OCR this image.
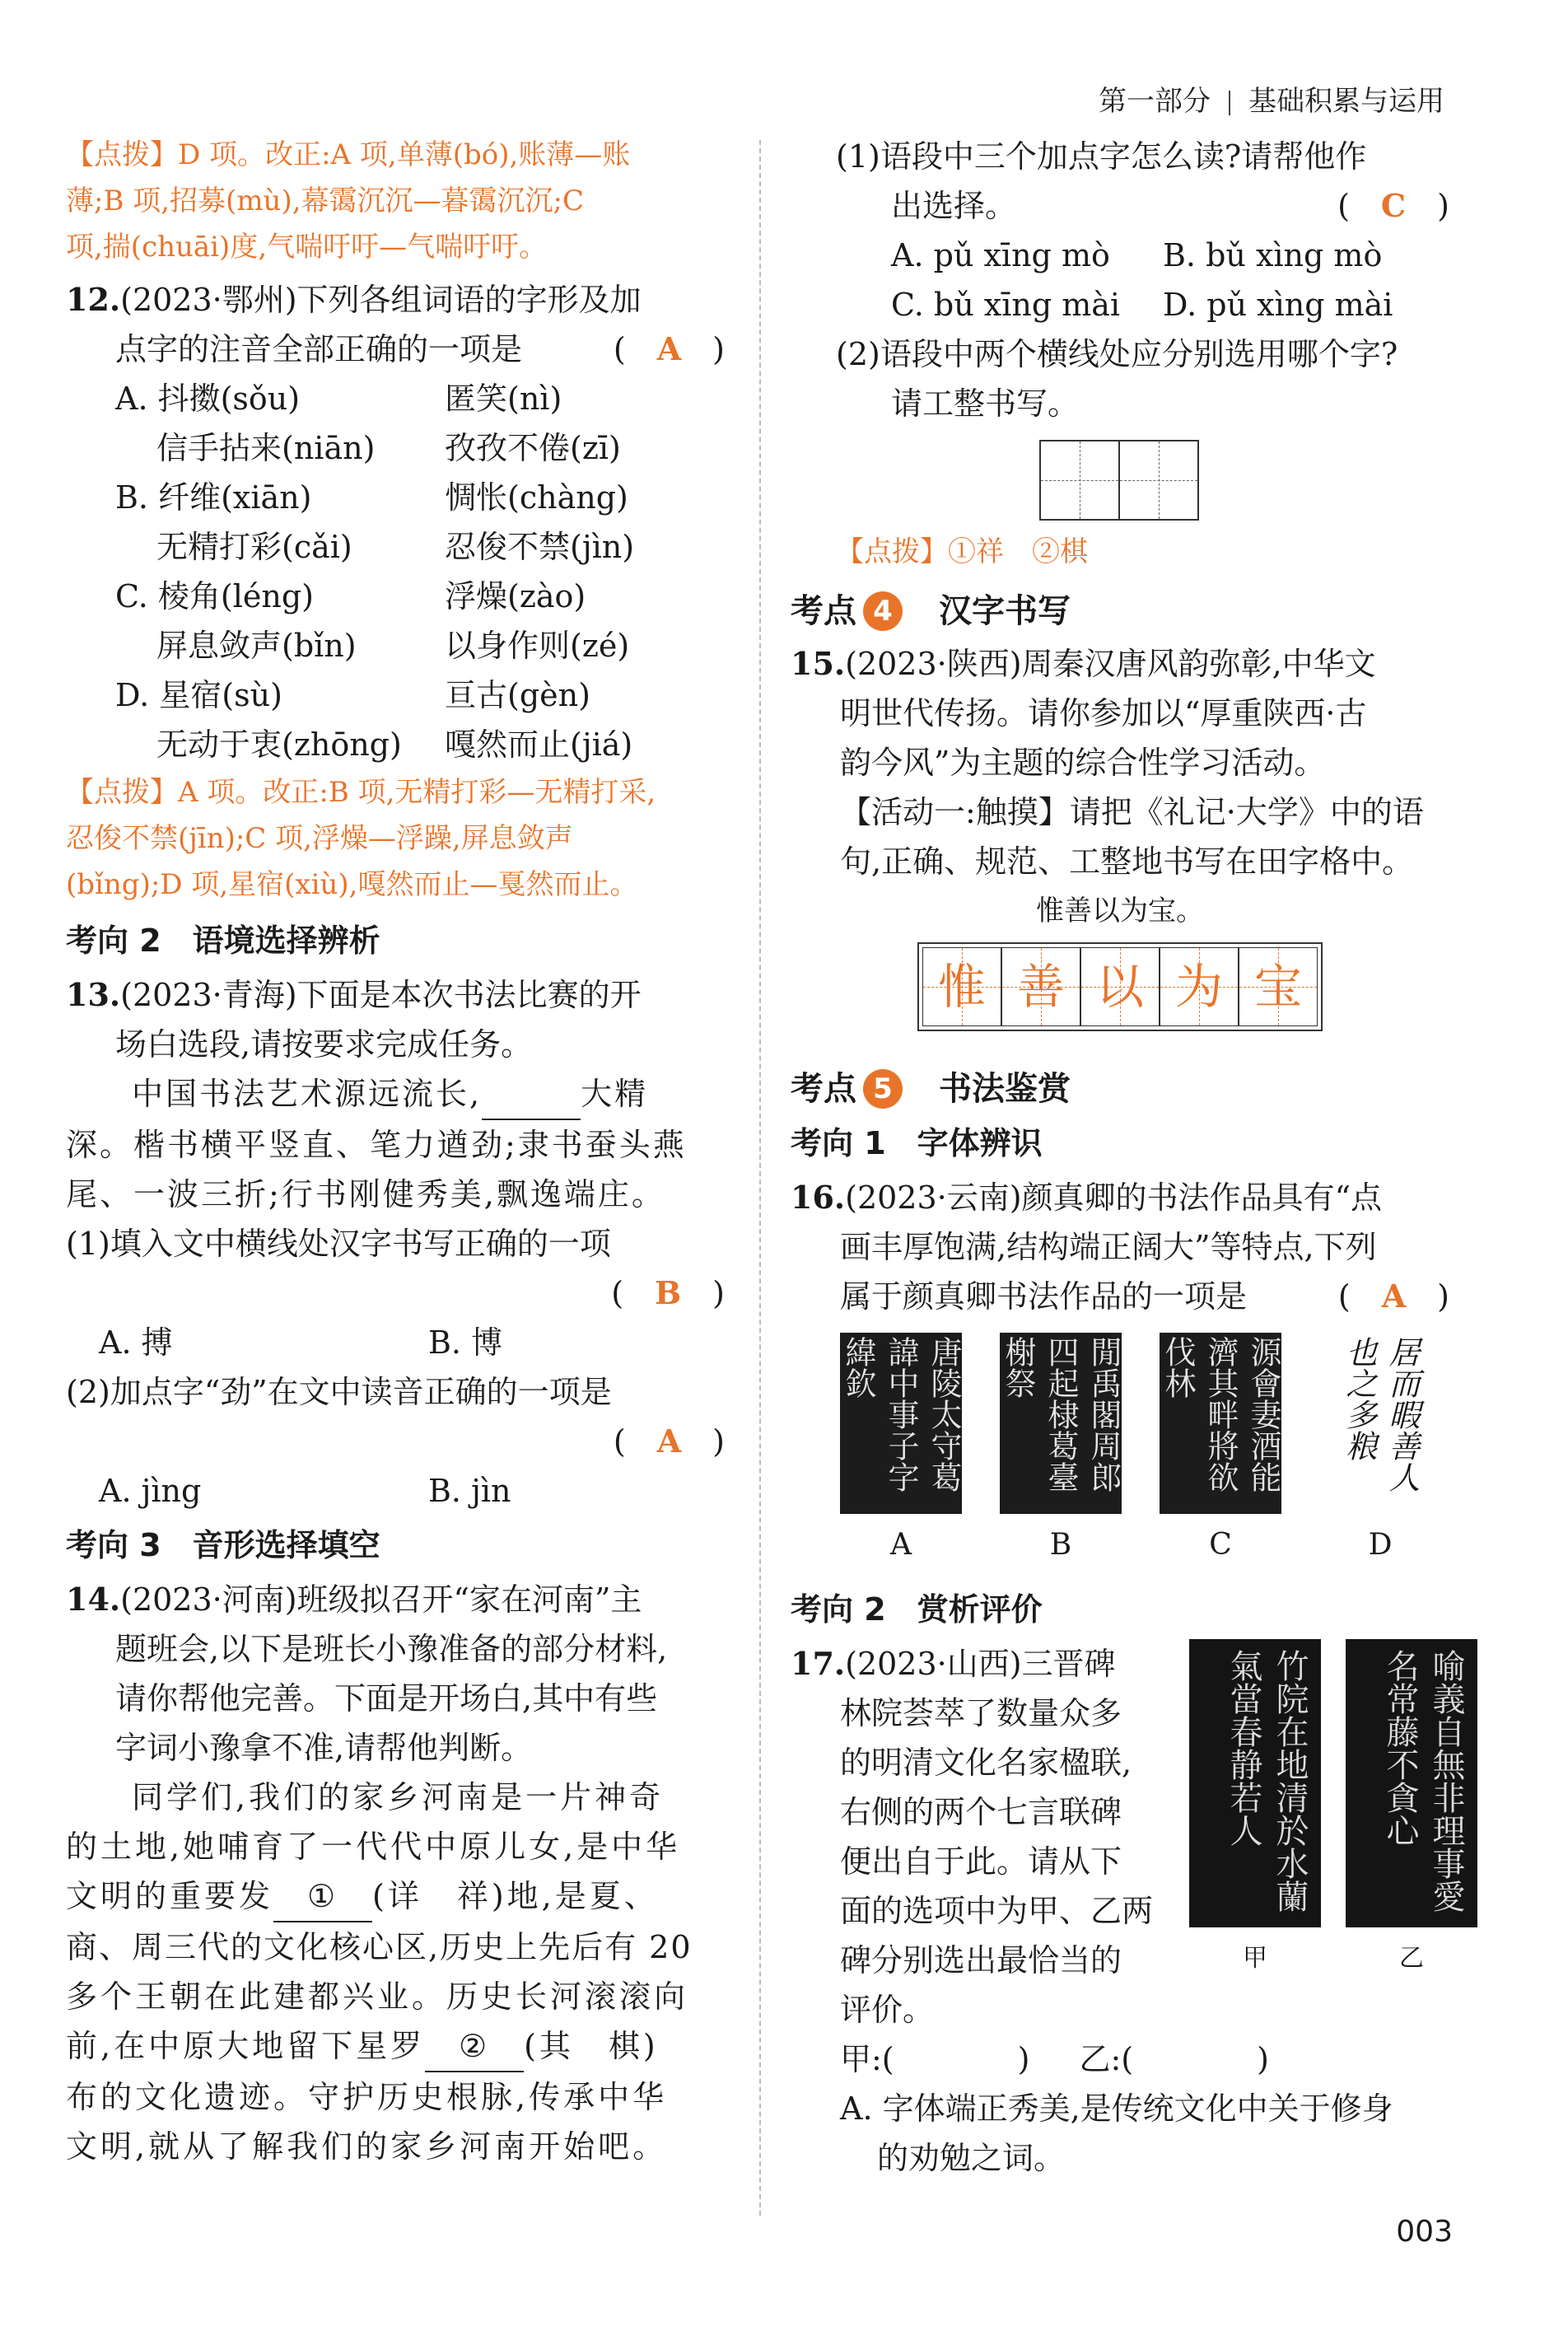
第一部分 基础积累与运用
【点拨】D 项。改正:A 项,单薄(bó),账薄—账
薄;B 项,招募(mù),幕霭沉沉—暮霭沉沉;C
项,揣(chuāi)度,气喘吁吁—气喘吁吁。
12.(2023·鄂州)下列各组词语的字形及加
点字的注音全部正确的一项是	(　A　)
A. 抖擞(sǒu)	匿笑(nì)
信手拈来(niān)	孜孜不倦(zī)
B. 纤维(xiān)	惆怅(chàng)
无精打彩(cǎi)	忍俊不禁(jìn)
C. 棱角(léng)	浮燥(zào)
屏息敛声(bǐn)	以身作则(zé)
D. 星宿(sù)	亘古(gèn)
无动于衷(zhōng)	嘎然而止(jiá)
【点拨】A 项。改正:B 项,无精打彩—无精打采,
忍俊不禁(jīn);C 项,浮燥—浮躁,屏息敛声
(bǐng);D 项,星宿(xiù),嘎然而止—戛然而止。
考向 2　语境选择辨析
13.(2023·青海)下面是本次书法比赛的开
场白选段,请按要求完成任务。
中国书法艺术源远流长,	大精
深。楷书横平竖直、笔力遒劲;隶书蚕头燕
尾、一波三折;行书刚健秀美,飘逸端庄。
(1)填入文中横线处汉字书写正确的一项
(　B　)
A. 搏	B. 博
(2)加点字“劲”在文中读音正确的一项是
(　A　)
A. jìng	B. jìn
考向 3　音形选择填空
14.(2023·河南)班级拟召开“家在河南”主
题班会,以下是班长小豫准备的部分材料,
请你帮他完善。下面是开场白,其中有些
字词小豫拿不准,请帮他判断。
同学们,我们的家乡河南是一片神奇
的土地,她哺育了一代代中原儿女,是中华
文明的重要发 ① (详　祥)地,是夏、
商、周三代的文化核心区,历史上先后有 20
多个王朝在此建都兴业。历史长河滚滚向
前,在中原大地留下星罗 ② (其　棋)
布的文化遗迹。守护历史根脉,传承中华
文明,就从了解我们的家乡河南开始吧。
(1)语段中三个加点字怎么读?请帮他作
出选择。	(　C　)
A. pǔ xīng mò	B. bǔ xìng mò
C. bǔ xīng mài	D. pǔ xìng mài
(2)语段中两个横线处应分别选用哪个字?
请工整书写。
【点拨】①祥　②棋
考点 4	汉字书写
15.(2023·陕西)周秦汉唐风韵弥彰,中华文
明世代传扬。请你参加以“厚重陕西·古
韵今风”为主题的综合性学习活动。
【活动一:触摸】请把《礼记·大学》中的语
句,正确、规范、工整地书写在田字格中。
惟善以为宝。
惟 善 以 为 宝
考点 5	书法鉴赏
考向 1　字体辨识
16.(2023·云南)颜真卿的书法作品具有“点
画丰厚饱满,结构端正阔大”等特点,下列
属于颜真卿书法作品的一项是	(　A　)
唐陵太守葛諱中事子字緯欽
A
閒禹閣周郎四起棣葛臺榭祭
B
源會妻酒能濟其畔將欲伐林
C
居而暇善人也之多粮
D
考向 2　赏析评价
17.(2023·山西)三晋碑
林院荟萃了数量众多
的明清文化名家楹联,
右侧的两个七言联碑
便出自于此。请从下
面的选项中为甲、乙两
碑分别选出最恰当的
评价。
竹院在地清於水蘭氣當春静若人
甲
喻義自無非理事愛名常藤不貪心
乙
甲:(	) 乙:(	)
A. 字体端正秀美,是传统文化中关于修身
的劝勉之词。
003
